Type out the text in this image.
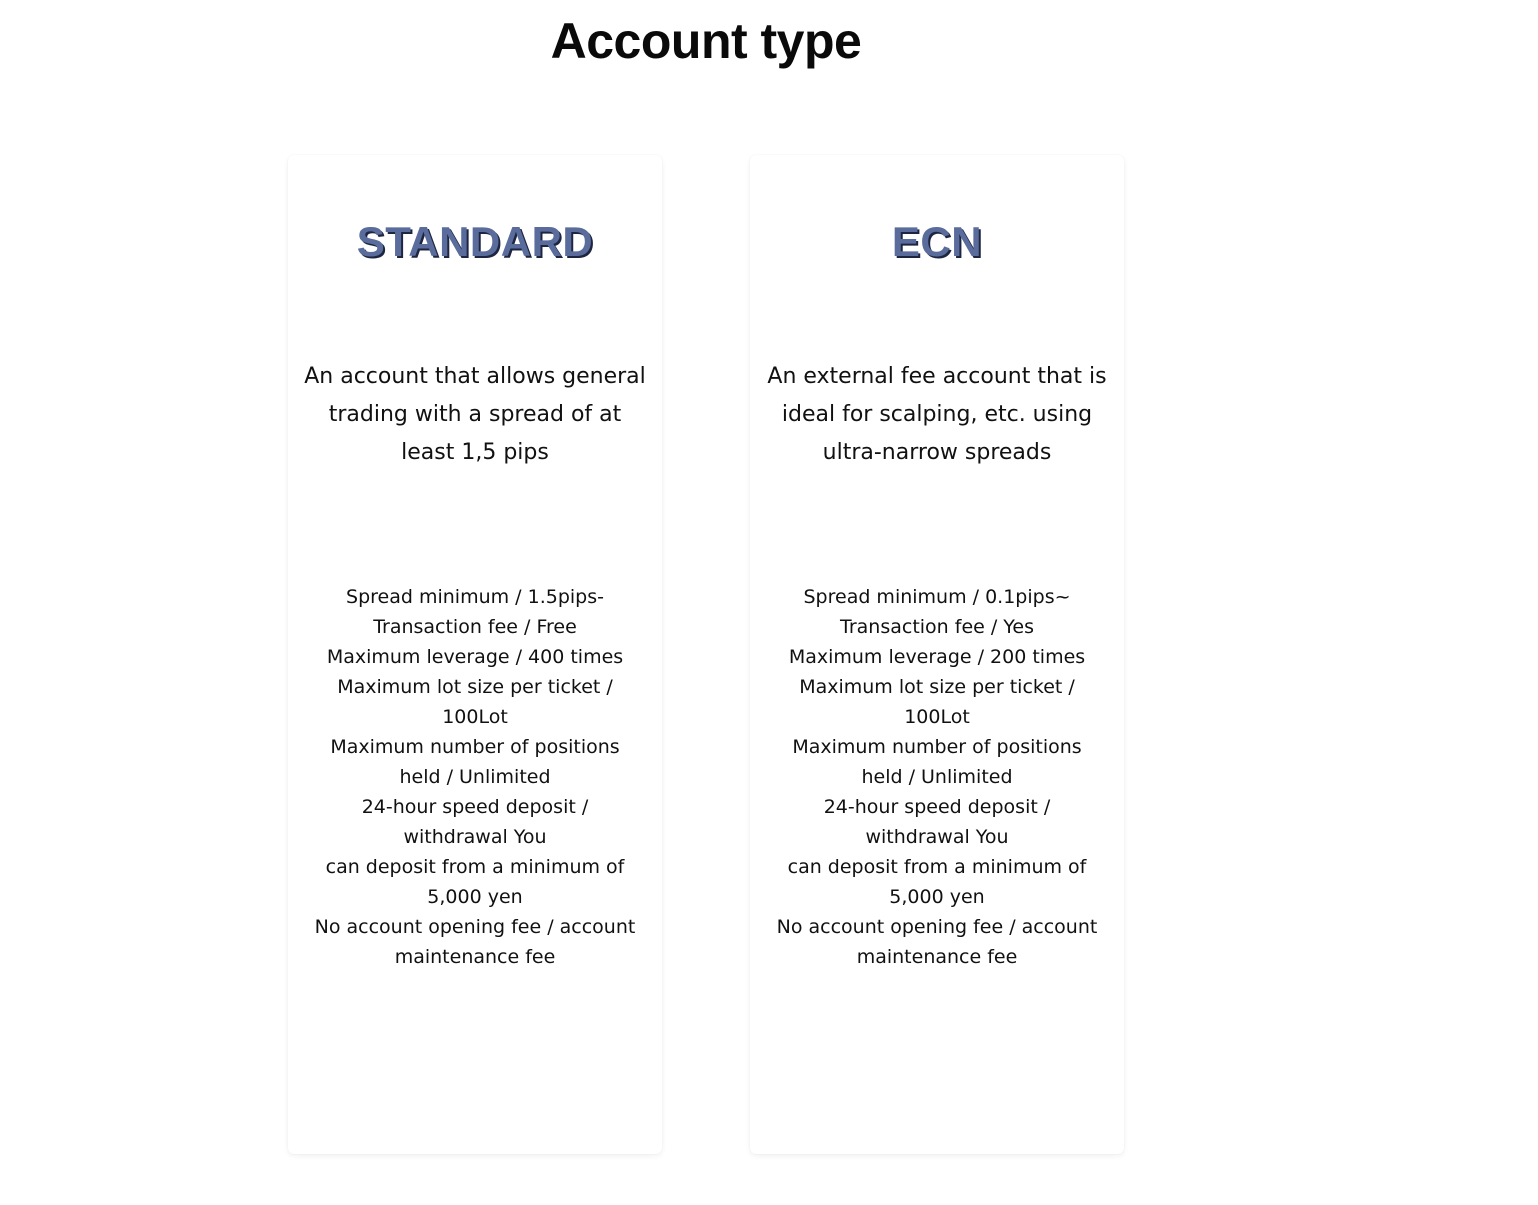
Account type
STANDARD

An account that allows general trading with a spread of at least 1,5 pips

Spread minimum / 1.5pips-
Transaction fee / Free
Maximum leverage / 400 times
Maximum lot size per ticket / 100Lot
Maximum number of positions held / Unlimited
24-hour speed deposit / withdrawal You
can deposit from a minimum of 5,000 yen
No account opening fee / account maintenance fee
ECN

An external fee account that is ideal for scalping, etc. using ultra-narrow spreads

Spread minimum / 0.1pips~
Transaction fee / Yes
Maximum leverage / 200 times
Maximum lot size per ticket / 100Lot
Maximum number of positions held / Unlimited
24-hour speed deposit / withdrawal You
can deposit from a minimum of 5,000 yen
No account opening fee / account maintenance fee
